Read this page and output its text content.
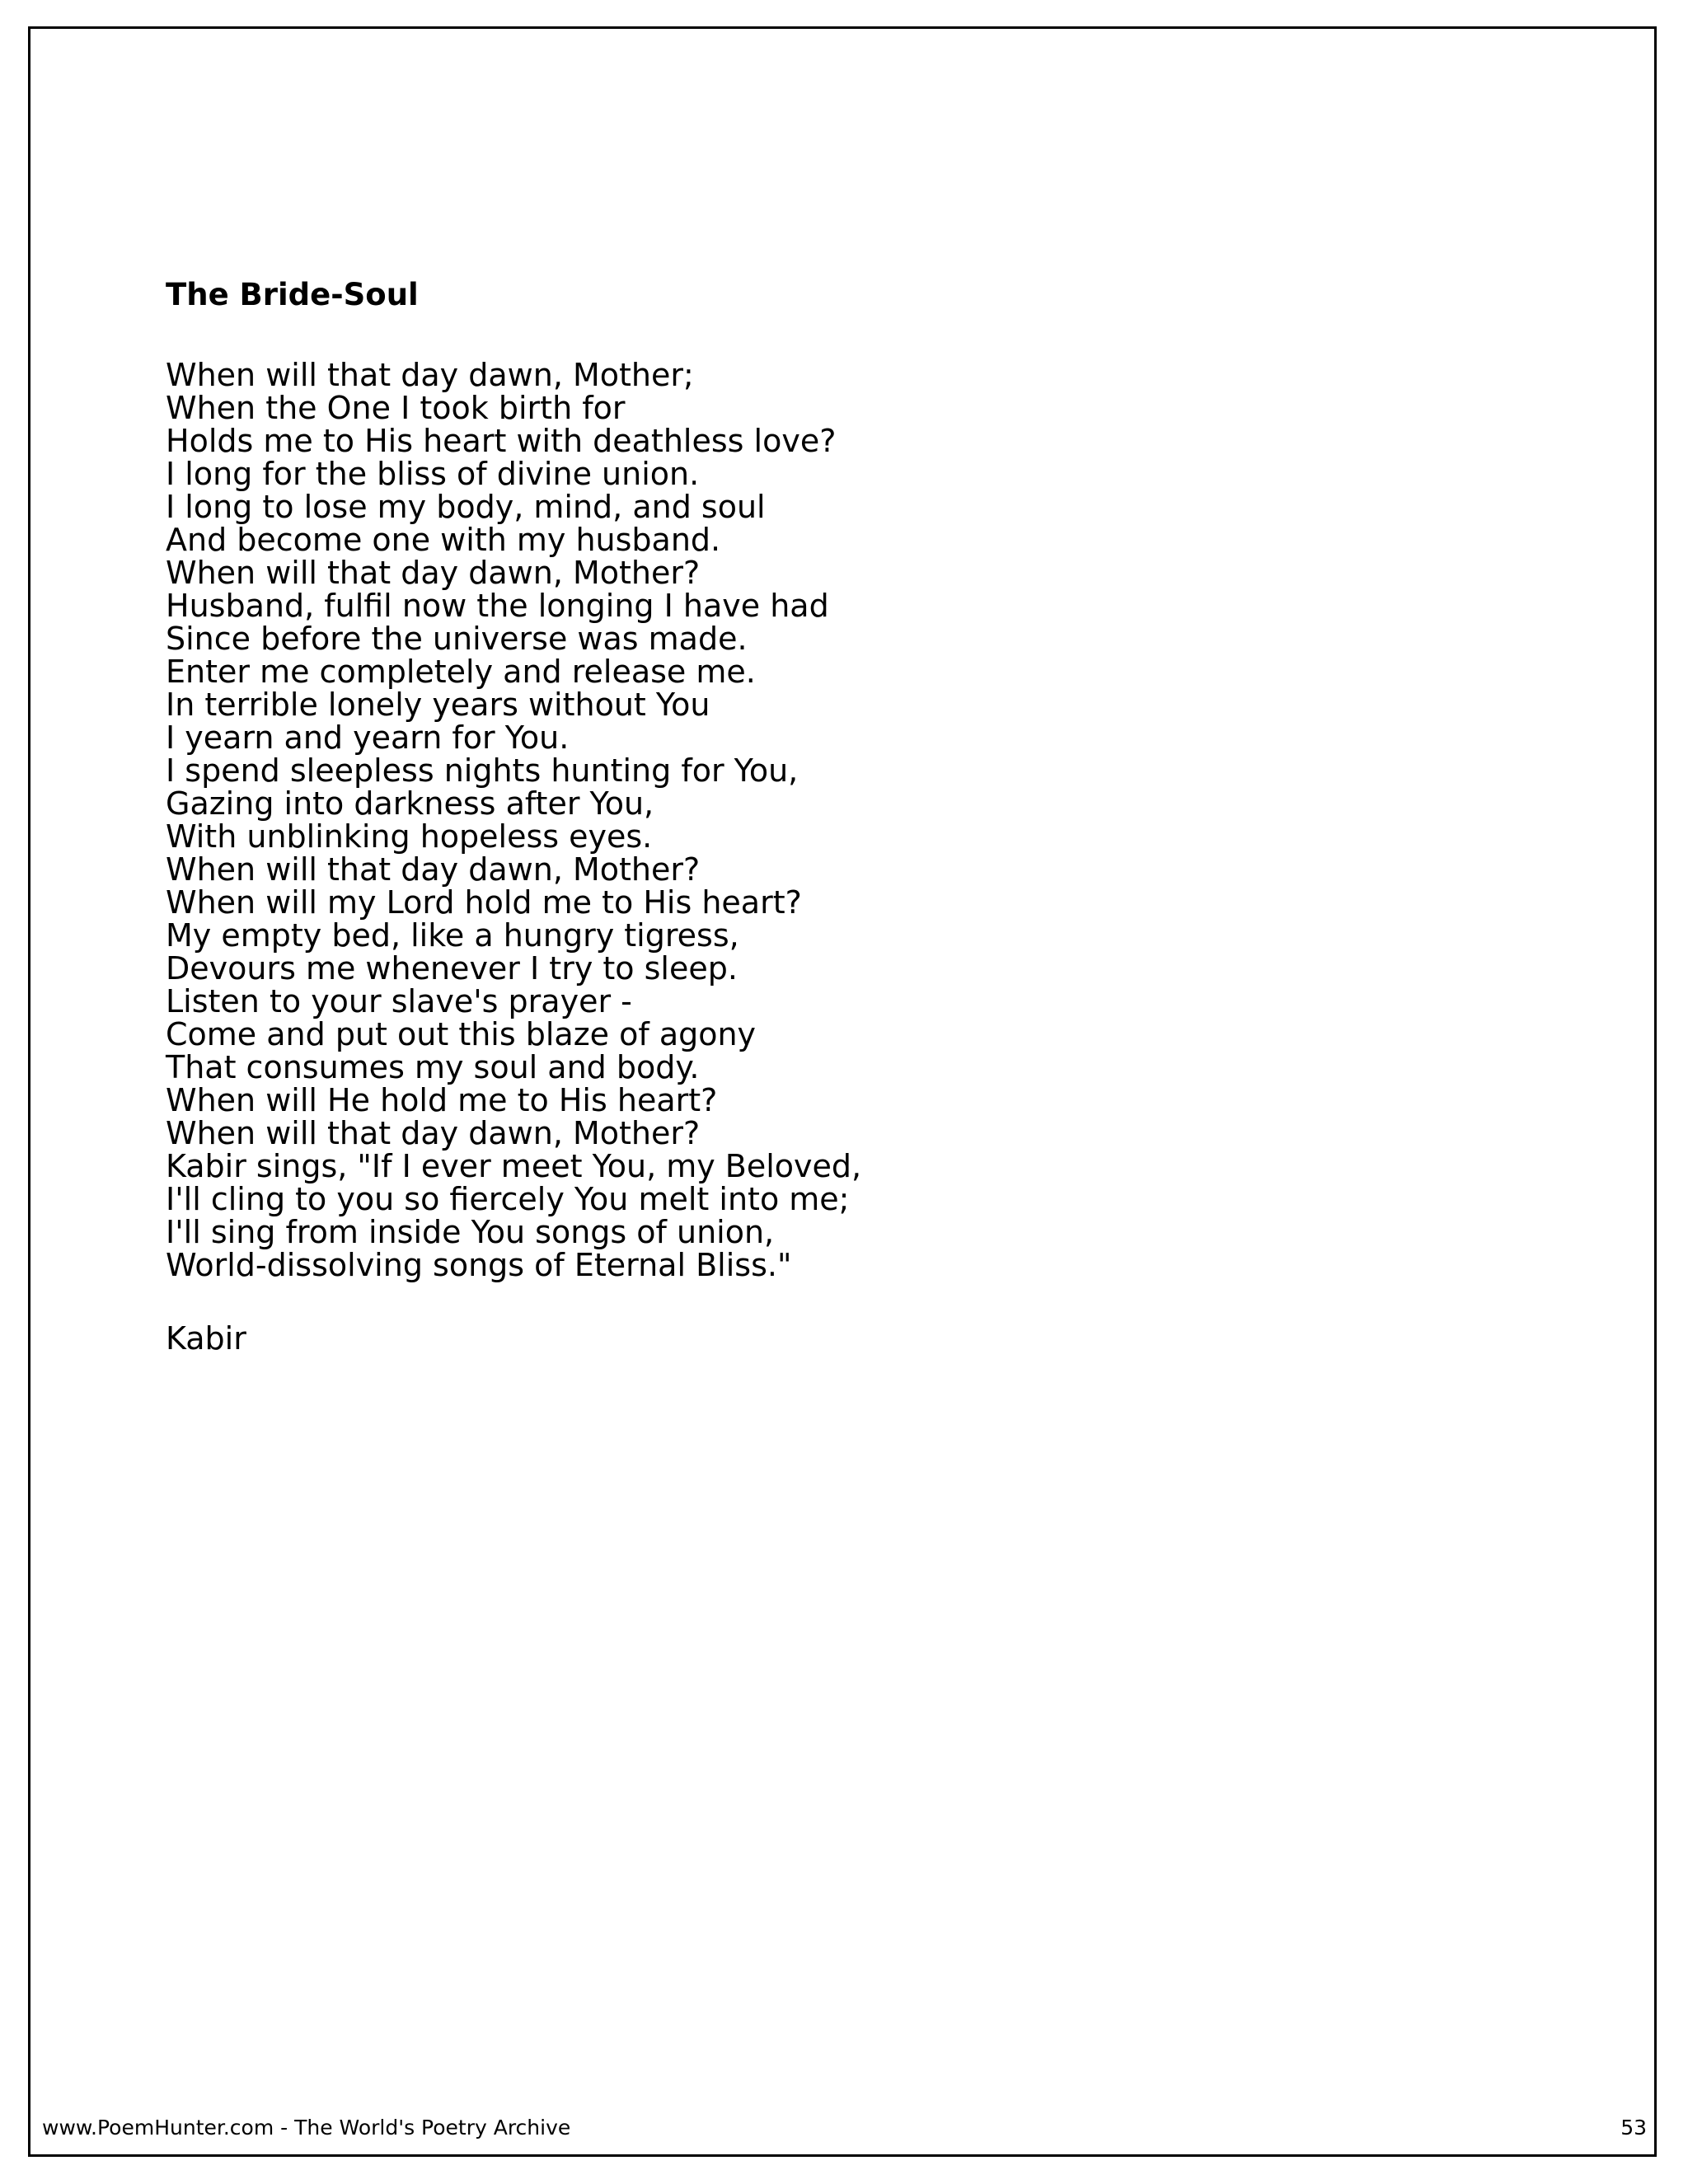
The Bride-Soul
When will that day dawn, Mother;
When the One I took birth for
Holds me to His heart with deathless love?
I long for the bliss of divine union.
I long to lose my body, mind, and soul
And become one with my husband.
When will that day dawn, Mother?
Husband, fulfil now the longing I have had
Since before the universe was made.
Enter me completely and release me.
In terrible lonely years without You
I yearn and yearn for You.
I spend sleepless nights hunting for You,
Gazing into darkness after You,
With unblinking hopeless eyes.
When will that day dawn, Mother?
When will my Lord hold me to His heart?
My empty bed, like a hungry tigress,
Devours me whenever I try to sleep.
Listen to your slave's prayer -
Come and put out this blaze of agony
That consumes my soul and body.
When will He hold me to His heart?
When will that day dawn, Mother?
Kabir sings, "If I ever meet You, my Beloved,
I'll cling to you so fiercely You melt into me;
I'll sing from inside You songs of union,
World-dissolving songs of Eternal Bliss."

Kabir

www.PoemHunter.com - The World's Poetry Archive	53
